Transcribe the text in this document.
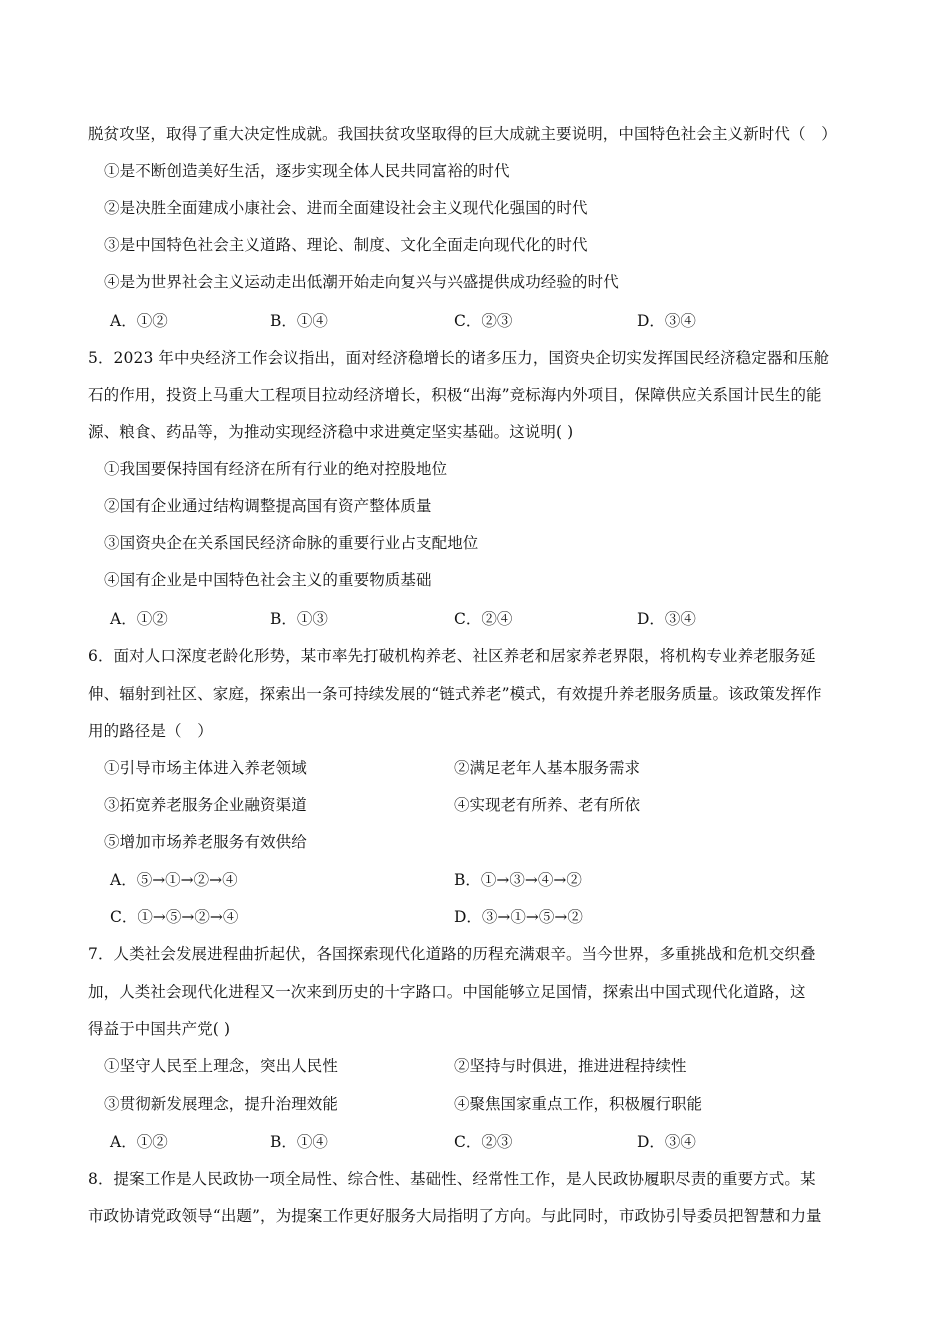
脱贫攻坚，取得了重大决定性成就。我国扶贫攻坚取得的巨大成就主要说明，中国特色社会主义新时代（　）
①是不断创造美好生活，逐步实现全体人民共同富裕的时代
②是决胜全面建成小康社会、进而全面建设社会主义现代化强国的时代
③是中国特色社会主义道路、理论、制度、文化全面走向现代化的时代
④是为世界社会主义运动走出低潮开始走向复兴与兴盛提供成功经验的时代
A．①②	B．①④	C．②③	D．③④
5．2023 年中央经济工作会议指出，面对经济稳增长的诸多压力，国资央企切实发挥国民经济稳定器和压舱
石的作用，投资上马重大工程项目拉动经济增长，积极“出海”竞标海内外项目，保障供应关系国计民生的能
源、粮食、药品等，为推动实现经济稳中求进奠定坚实基础。这说明( )
①我国要保持国有经济在所有行业的绝对控股地位
②国有企业通过结构调整提高国有资产整体质量
③国资央企在关系国民经济命脉的重要行业占支配地位
④国有企业是中国特色社会主义的重要物质基础
A．①②	B．①③	C．②④	D．③④
6．面对人口深度老龄化形势，某市率先打破机构养老、社区养老和居家养老界限，将机构专业养老服务延
伸、辐射到社区、家庭，探索出一条可持续发展的“链式养老”模式，有效提升养老服务质量。该政策发挥作
用的路径是（　）
①引导市场主体进入养老领域	②满足老年人基本服务需求
③拓宽养老服务企业融资渠道	④实现老有所养、老有所依
⑤增加市场养老服务有效供给
A．⑤→①→②→④	B．①→③→④→②
C．①→⑤→②→④	D．③→①→⑤→②
7．人类社会发展进程曲折起伏，各国探索现代化道路的历程充满艰辛。当今世界，多重挑战和危机交织叠
加，人类社会现代化进程又一次来到历史的十字路口。中国能够立足国情，探索出中国式现代化道路，这
得益于中国共产党( )
①坚守人民至上理念，突出人民性	②坚持与时俱进，推进进程持续性
③贯彻新发展理念，提升治理效能	④聚焦国家重点工作，积极履行职能
A．①②	B．①④	C．②③	D．③④
8．提案工作是人民政协一项全局性、综合性、基础性、经常性工作，是人民政协履职尽责的重要方式。某
市政协请党政领导“出题”，为提案工作更好服务大局指明了方向。与此同时，市政协引导委员把智慧和力量
